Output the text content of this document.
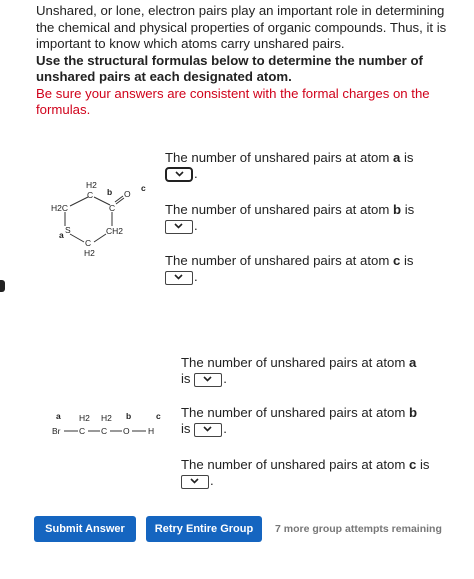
Unshared, or lone, electron pairs play an important role in determining the chemical and physical properties of organic compounds. Thus, it is important to know which atoms carry unshared pairs.

Use the structural formulas below to determine the number of unshared pairs at each designated atom.

Be sure your answers are consistent with the formal charges on the formulas.

H2
C b O
c
C
H2C
CH2
a S
C
H2
The number of unshared pairs at atom a is

.
The number of unshared pairs at atom b is

.
The number of unshared pairs at atom c is

.
a H2 H2 b	c
Br C C O H
The number of unshared pairs at atom a
is .
The number of unshared pairs at atom b
is .
The number of unshared pairs at atom c is

.
Submit Answer	Retry Entire Group	7 more group attempts remaining
